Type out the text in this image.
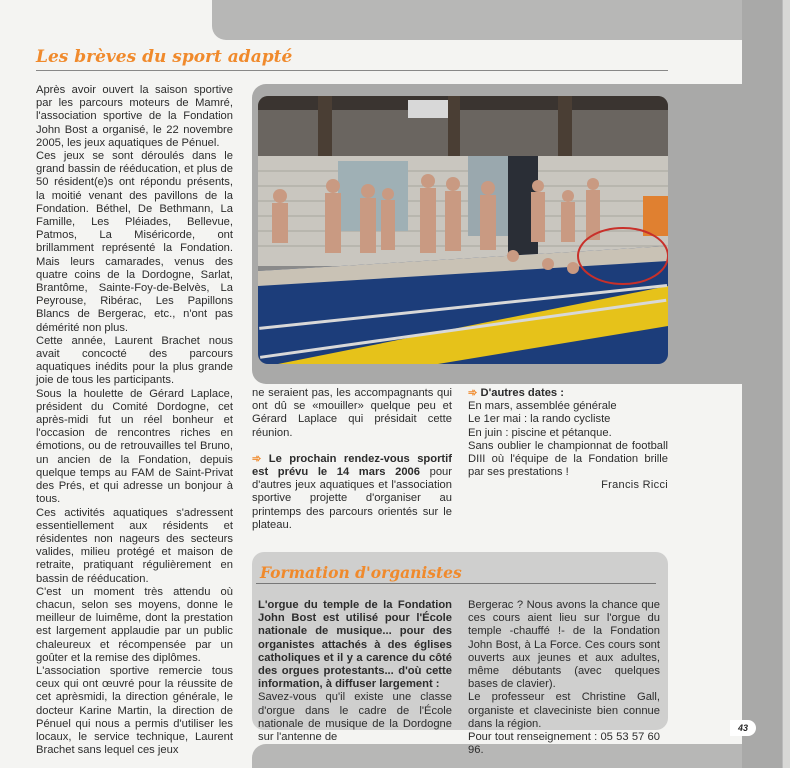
Les brèves du sport adapté

Après avoir ouvert la saison sportive par les parcours moteurs de Mamré, l'association sportive de la Fondation John Bost a organisé, le 22 novembre 2005, les jeux aquatiques de Pénuel.

Ces jeux se sont déroulés dans le grand bassin de rééducation, et plus de 50 résident(e)s ont répondu présents, la moitié venant des pavillons de la Fondation. Béthel, De Bethmann, La Famille, Les Pléiades, Bellevue, Patmos, La Miséricorde, ont brillamment représenté la Fondation. Mais leurs camarades, venus des quatre coins de la Dordogne, Sarlat, Brantôme, Sainte-Foy-de-Belvès, La Peyrouse, Ribérac, Les Papillons Blancs de Bergerac, etc., n'ont pas démérité non plus.

Cette année, Laurent Brachet nous avait concocté des parcours aquatiques inédits pour la plus grande joie de tous les participants.

Sous la houlette de Gérard Laplace, président du Comité Dordogne, cet après-midi fut un réel bonheur et l'occasion de rencontres riches en émotions, ou de retrouvailles tel Bruno, un ancien de la Fondation, depuis quelque temps au FAM de Saint-Privat des Prés, et qui adresse un bonjour à tous.

Ces activités aquatiques s'adressent essentiellement aux résidents et résidentes non nageurs des secteurs valides, milieu protégé et maison de retraite, pratiquant régulièrement en bassin de rééducation.

C'est un moment très attendu où chacun, selon ses moyens, donne le meilleur de luimême, dont la prestation est largement applaudie par un public chaleureux et récompensée par un goûter et la remise des diplômes.

L'association sportive remercie tous ceux qui ont œuvré pour la réussite de cet aprèsmidi, la direction générale, le docteur Karine Martin, la direction de Pénuel qui nous a permis d'utiliser les locaux, le service technique, Laurent Brachet sans lequel ces jeux

ne seraient pas, les accompagnants qui ont dû se «mouiller» quelque peu et Gérard Laplace qui présidait cette réunion.

➾ Le prochain rendez-vous sportif est prévu le 14 mars 2006 pour d'autres jeux aquatiques et l'association sportive projette d'organiser au printemps des parcours orientés sur le plateau.

➾ D'autres dates :

En mars, assemblée générale

Le 1er mai : la rando cycliste

En juin : piscine et pétanque.

Sans oublier le championnat de football DIII où l'équipe de la Fondation brille par ses prestations !

Francis Ricci

Formation d'organistes

L'orgue du temple de la Fondation John Bost est utilisé pour l'École nationale de musique... pour des organistes attachés à des églises catholiques et il y a carence du côté des orgues protestants... d'où cette information, à diffuser largement :

Savez-vous qu'il existe une classe d'orgue dans le cadre de l'École nationale de musique de la Dordogne sur l'antenne de

Bergerac ? Nous avons la chance que ces cours aient lieu sur l'orgue du temple -chauffé !- de la Fondation John Bost, à La Force. Ces cours sont ouverts aux jeunes et aux adultes, même débutants (avec quelques bases de clavier).

Le professeur est Christine Gall, organiste et claveciniste bien connue dans la région.

Pour tout renseignement : 05 53 57 60 96.

43
